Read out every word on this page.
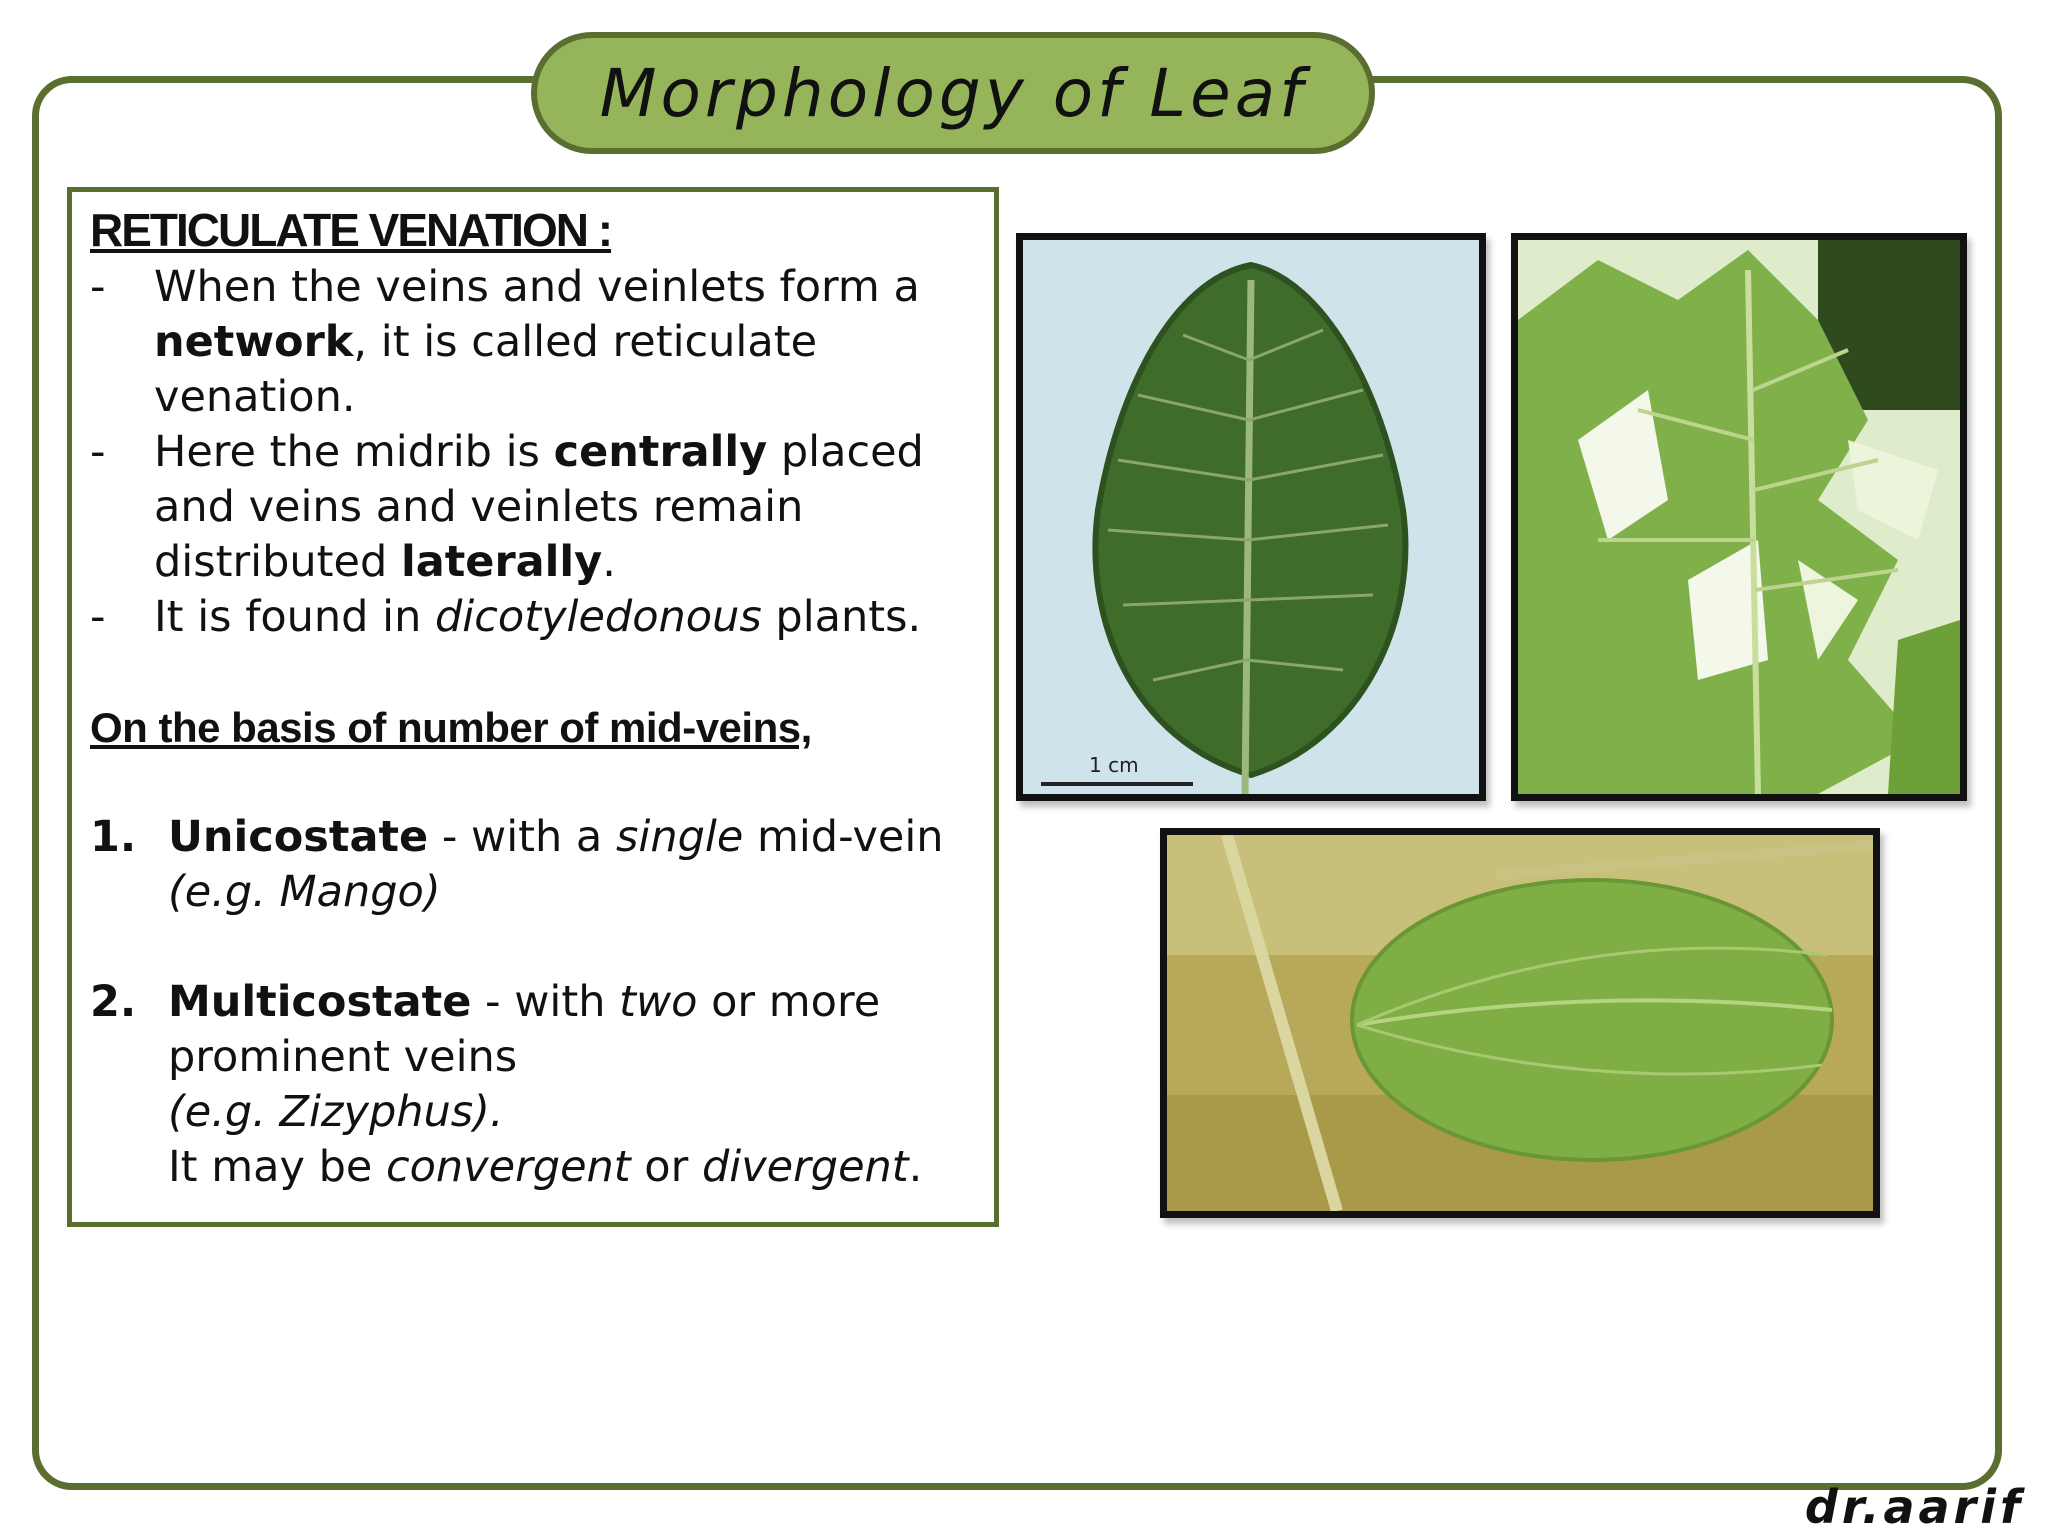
Morphology of Leaf
RETICULATE VENATION :
-	When the veins and veinlets form a network, it is called reticulate venation.
-	Here the midrib is centrally placed and veins and veinlets remain distributed laterally.
-	It is found in dicotyledonous plants.
On the basis of number of mid-veins,
1. Unicostate - with a single mid-vein
(e.g. Mango)
2. Multicostate - with two or more prominent veins
(e.g. Zizyphus).
It may be convergent or divergent.
1 cm
dr.aarif
